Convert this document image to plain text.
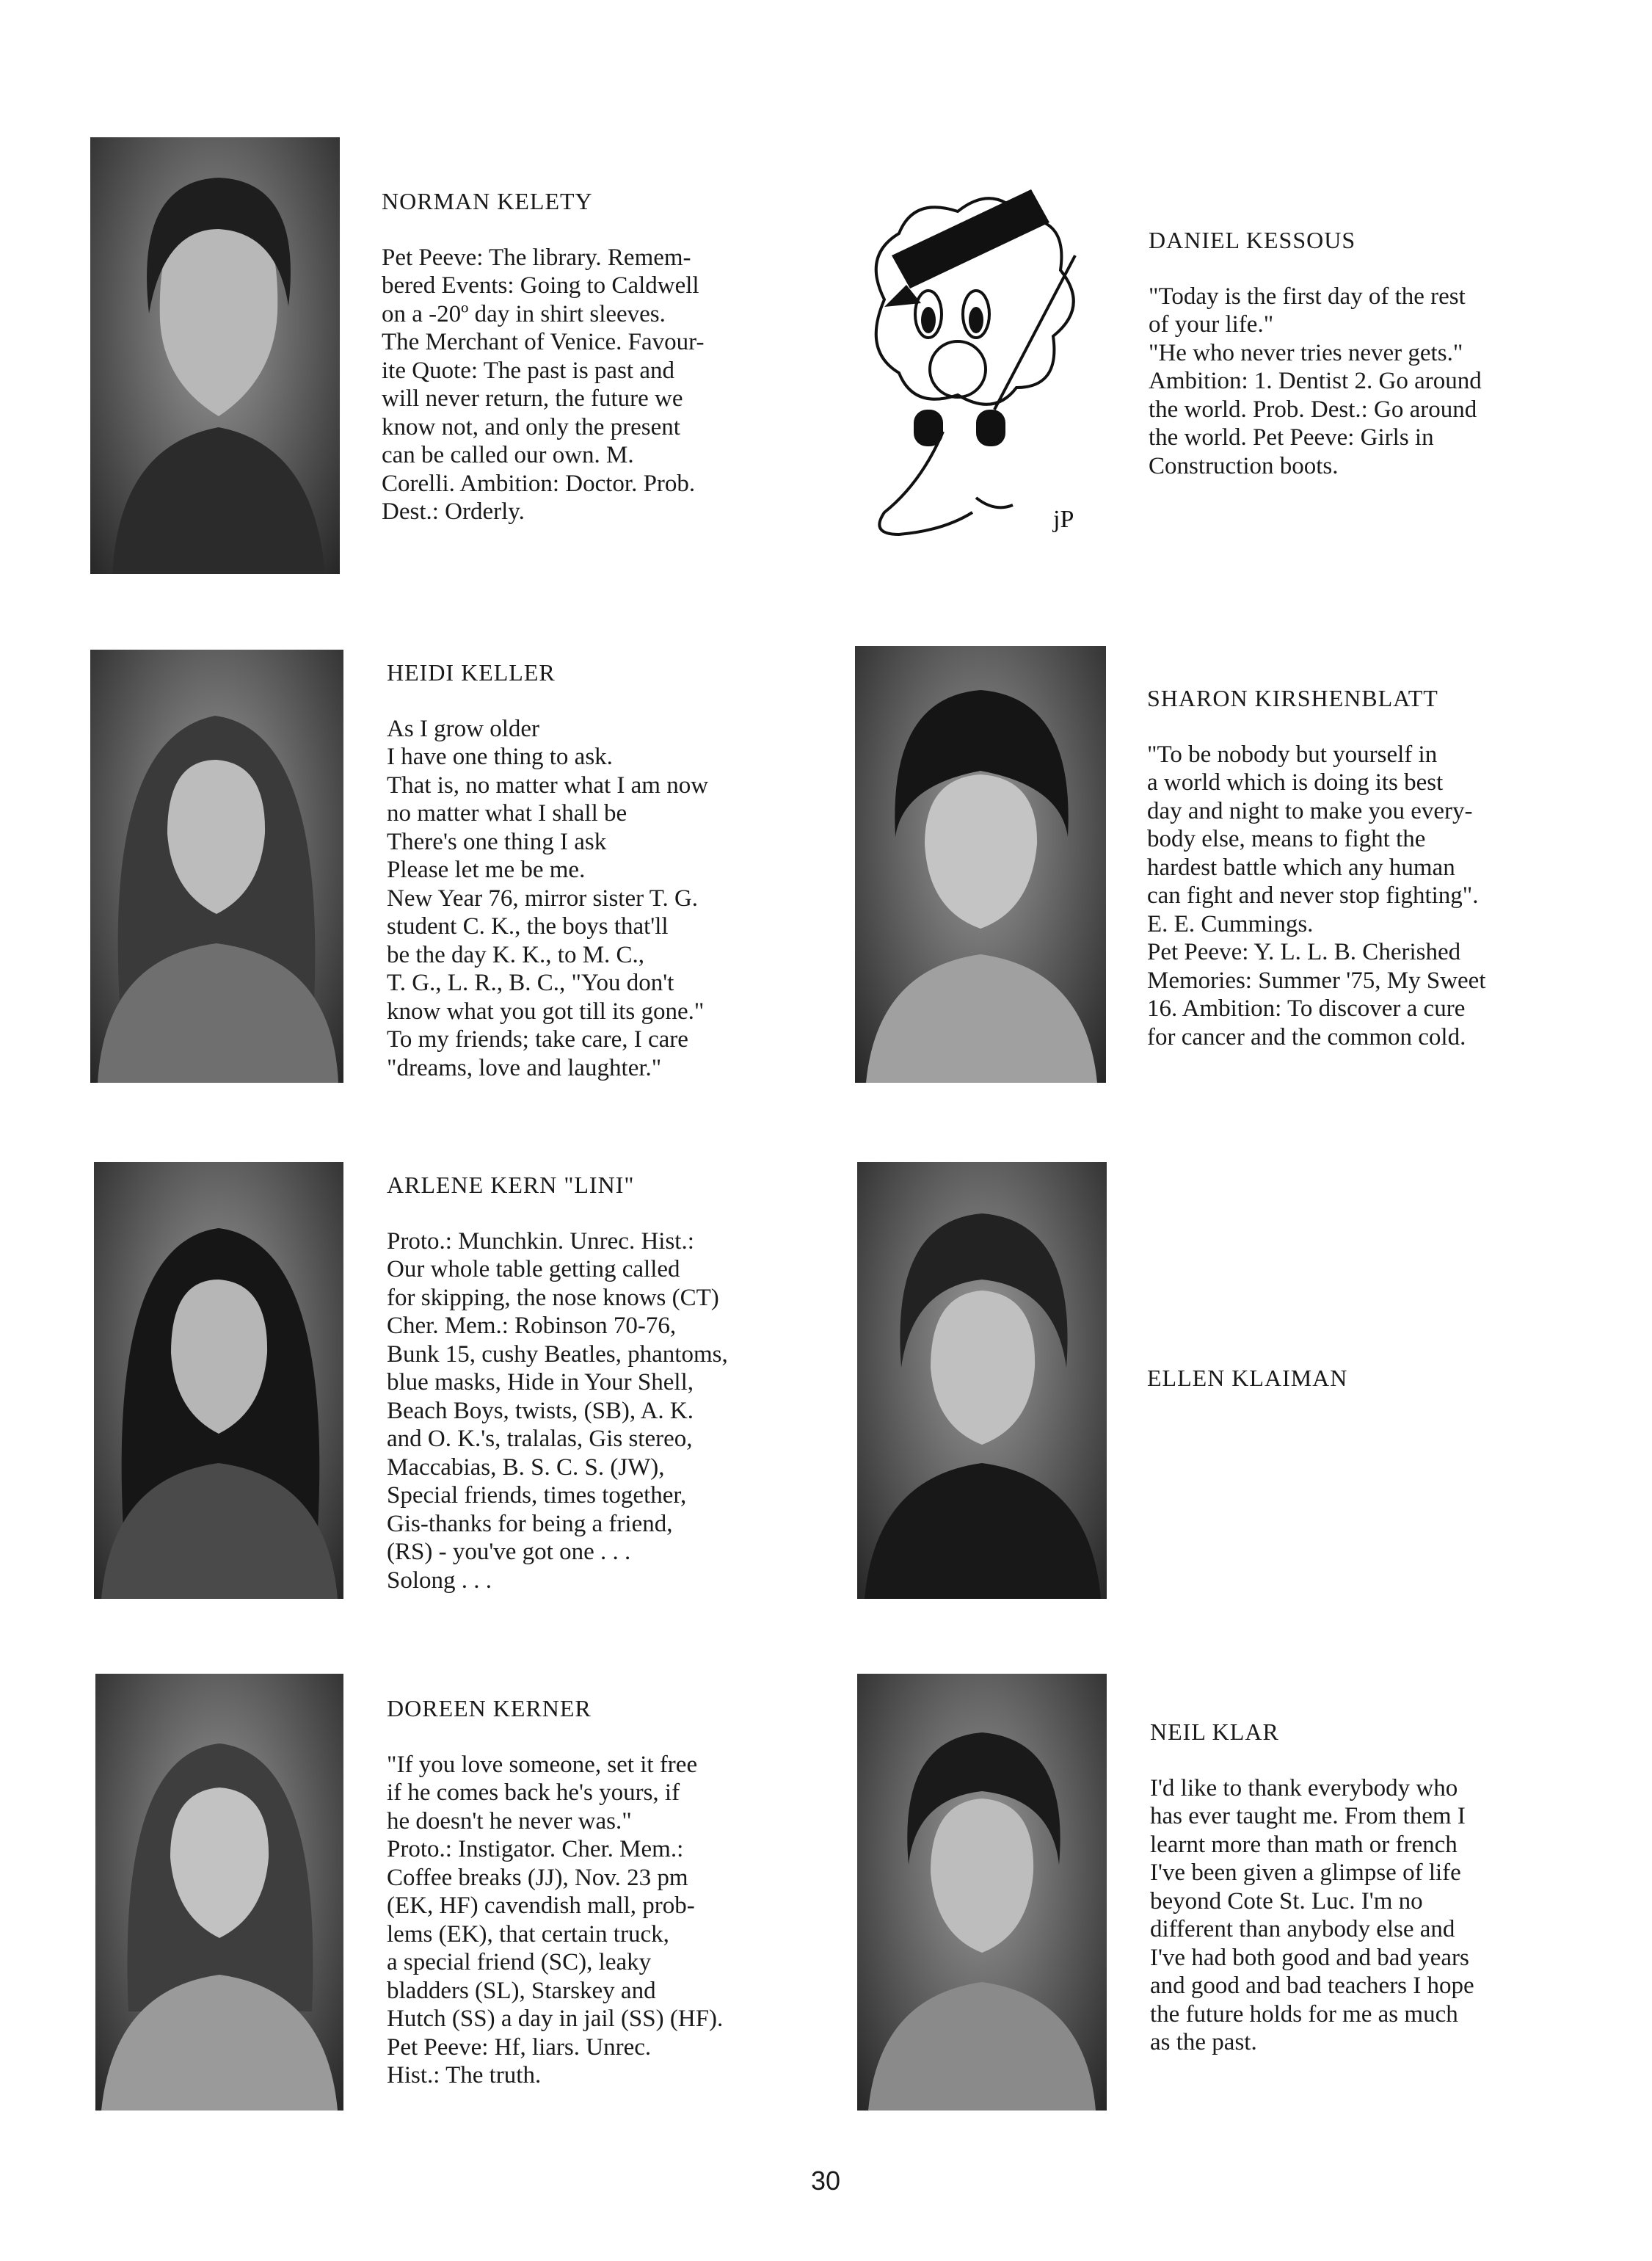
jP
NORMAN KELETY

Pet Peeve: The library. Remem-

bered Events: Going to Caldwell

on a -20º day in shirt sleeves.

The Merchant of Venice. Favour-

ite Quote: The past is past and

will never return, the future we

know not, and only the present

can be called our own. M.

Corelli. Ambition: Doctor. Prob.

Dest.: Orderly.

DANIEL KESSOUS

"Today is the first day of the rest

of your life."

"He who never tries never gets."

Ambition: 1. Dentist 2. Go around

the world. Prob. Dest.: Go around

the world. Pet Peeve: Girls in

Construction boots.

HEIDI KELLER

As I grow older

I have one thing to ask.

That is, no matter what I am now

no matter what I shall be

There's one thing I ask

Please let me be me.

New Year 76, mirror sister T. G.

student C. K., the boys that'll

be the day K. K., to M. C.,

T. G., L. R., B. C., "You don't

know what you got till its gone."

To my friends; take care, I care

"dreams, love and laughter."

SHARON KIRSHENBLATT

"To be nobody but yourself in

a world which is doing its best

day and night to make you every-

body else, means to fight the

hardest battle which any human

can fight and never stop fighting".

E. E. Cummings.

Pet Peeve: Y. L. L. B. Cherished

Memories: Summer '75, My Sweet

16. Ambition: To discover a cure

for cancer and the common cold.

ARLENE KERN "LINI"

Proto.: Munchkin. Unrec. Hist.:

Our whole table getting called

for skipping, the nose knows (CT)

Cher. Mem.: Robinson 70-76,

Bunk 15, cushy Beatles, phantoms,

blue masks, Hide in Your Shell,

Beach Boys, twists, (SB), A. K.

and O. K.'s, tralalas, Gis stereo,

Maccabias, B. S. C. S. (JW),

Special friends, times together,

Gis-thanks for being a friend,

(RS) - you've got one . . .

Solong . . .

ELLEN KLAIMAN
DOREEN KERNER

"If you love someone, set it free

if he comes back he's yours, if

he doesn't he never was."

Proto.: Instigator. Cher. Mem.:

Coffee breaks (JJ), Nov. 23 pm

(EK, HF) cavendish mall, prob-

lems (EK), that certain truck,

a special friend (SC), leaky

bladders (SL), Starskey and

Hutch (SS) a day in jail (SS) (HF).

Pet Peeve: Hf, liars. Unrec.

Hist.: The truth.

NEIL KLAR

I'd like to thank everybody who

has ever taught me. From them I

learnt more than math or french

I've been given a glimpse of life

beyond Cote St. Luc. I'm no

different than anybody else and

I've had both good and bad years

and good and bad teachers I hope

the future holds for me as much

as the past.

30
